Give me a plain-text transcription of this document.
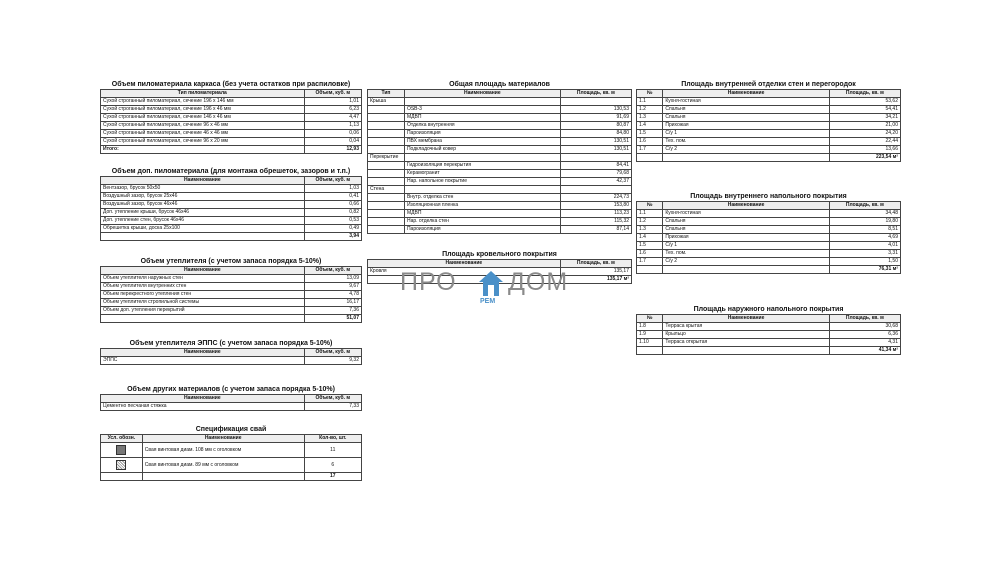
Объем пиломатериала каркаса (без учета остатков при распиловке)
Тип пиломатериала	Объем, куб. м
Сухой строганный пиломатериал, сечение 196 х 146 мм	1,01
Сухой строганный пиломатериал, сечение 196 х 46 мм	6,23
Сухой строганный пиломатериал, сечение 146 х 46 мм	4,47
Сухой строганный пиломатериал, сечение 96 х 46 мм	1,13
Сухой строганный пиломатериал, сечение 46 х 46 мм	0,06
Сухой строганный пиломатериал, сечение 96 х 20 мм	0,04
Итого:	12,93
Объем доп. пиломатериала (для монтажа обрешеток, зазоров и т.п.)
Наименование	Объем, куб. м
Вентзазор, брусок 50х50	1,03
Воздушный зазор, брусок 25х46	0,41
Воздушный зазор, брусок 46х46	0,66
Доп. утепление крыши, брусок 46х46	0,82
Доп. утепление стен, брусок 46х46	0,53
Обрешетка крыши, доска 25х100	0,49
	3,94
Объем утеплителя (с учетом запаса порядка 5-10%)
Наименование	Объем, куб. м
Объем утеплителя наружных стен	13,09
Объем утеплителя внутренних стен	9,67
Объем перекрестного утепления стен	4,78
Объем утеплителя стропильной системы	16,17
Объем доп. утепления перекрытий	7,36
	51,07
Объем утеплителя ЭППС (с учетом запаса порядка 5-10%)
Наименование	Объем, куб. м
ЭППС	9,32
Объем других материалов (с учетом запаса порядка 5-10%)
Наименование	Объем, куб. м
Цементно песчаная стяжка	7,33
Спецификация свай
Усл. обозн.	Наименование	Кол-во, шт.
	Свая винтовая диам. 108 мм с оголовком	11
	Свая винтовая диам. 89 мм с оголовком	6
		17
Общая площадь материалов
Тип	Наименование	Площадь, кв. м
Крыша		
	OSB-3	130,53
	МДВП	91,69
	Отделка внутренняя	80,87
	Пароизоляция	84,80
	ПВХ мембрана	130,51
	Подкладочный ковер	130,51
Перекрытие		
	Гидроизоляция перекрытия	84,41
	Керамогранит	79,68
	Нар. напольное покрытие	42,37
Стена		
	Внутр. отделка стен	224,73
	Изоляционная пленка	153,80
	МДВП	113,23
	Нар. отделка стен	115,32
	Пароизоляция	87,14
Площадь кровельного покрытия
Наименование	Площадь, кв. м
Кровля	135,17
	135,17 м²
ПРО
РЕМ
ДОМ
Площадь внутренней отделки стен и перегородок
№	Наименование	Площадь, кв. м
1.1	Кухня-гостиная	53,62
1.2	Спальня	54,41
1.3	Спальня	34,21
1.4	Прихожая	21,00
1.5	С/у 1	24,20
1.6	Тех. пом.	22,44
1.7	С/у 2	13,66
		223,54 м²
Площадь внутреннего напольного покрытия
№	Наименование	Площадь, кв. м
1.1	Кухня-гостиная	34,48
1.2	Спальня	19,80
1.3	Спальня	8,51
1.4	Прихожая	4,69
1.5	С/у 1	4,01
1.6	Тех. пом.	3,31
1.7	С/у 2	1,50
		76,31 м²
Площадь наружного напольного покрытия
№	Наименование	Площадь, кв. м
1.8	Терраса крытая	30,68
1.9	Крыльцо	6,36
1.10	Терраса открытая	4,31
		41,34 м²
